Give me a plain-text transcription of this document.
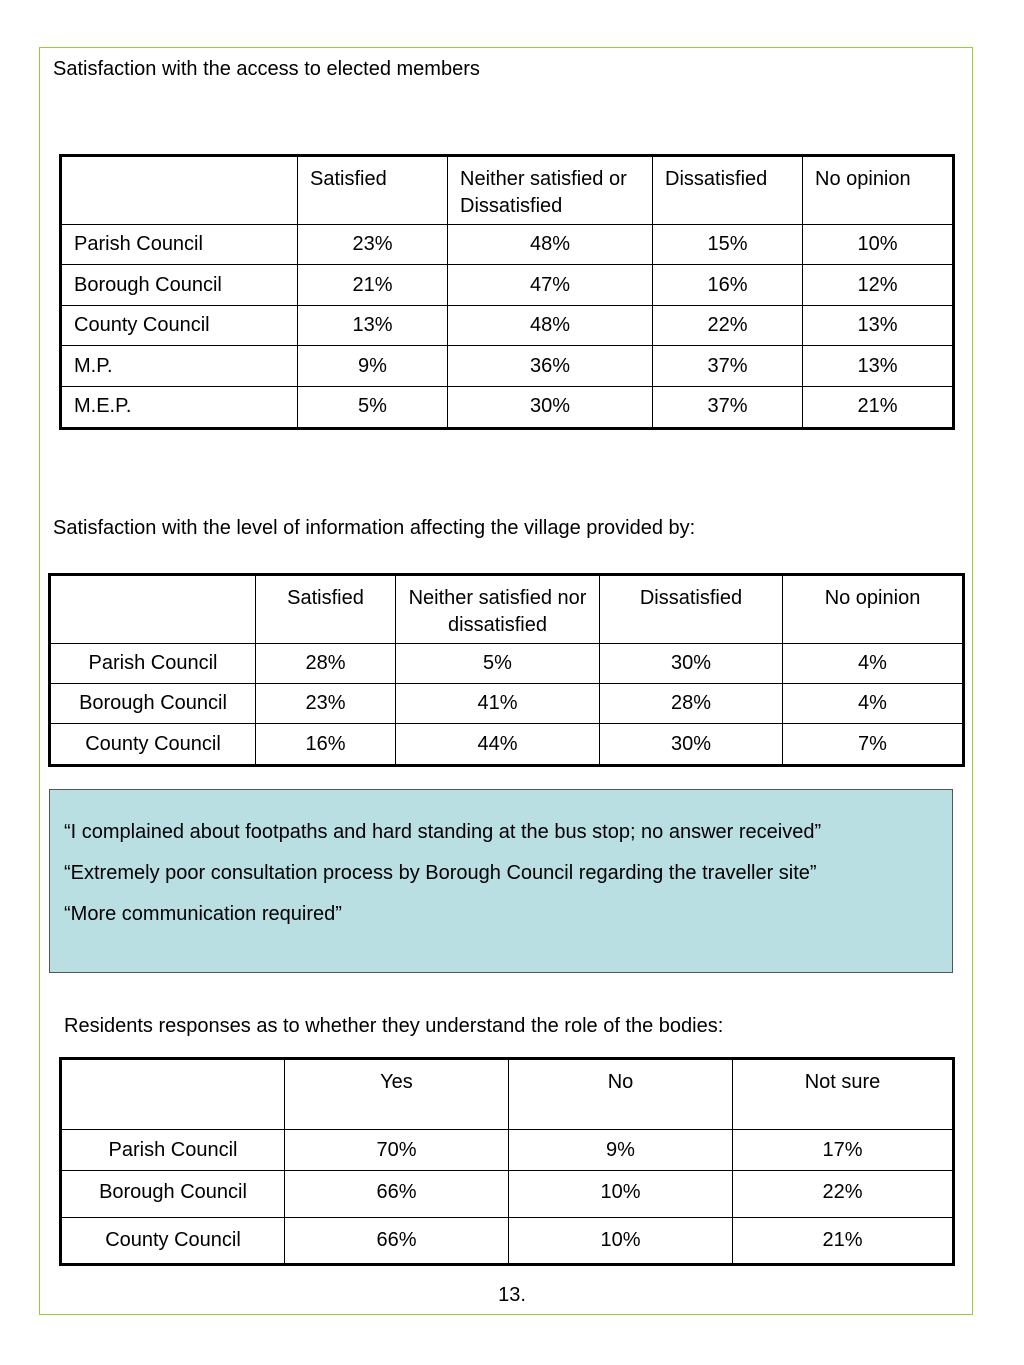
Satisfaction with the access to elected members
	Satisfied	Neither satisfied or Dissatisfied	Dissatisfied	No opinion
Parish Council	23%	48%	15%	10%
Borough Council	21%	47%	16%	12%
County Council	13%	48%	22%	13%
M.P.	9%	36%	37%	13%
M.E.P.	5%	30%	37%	21%
Satisfaction with the level of information affecting the village provided by:
	Satisfied	Neither satisfied nor dissatisfied	Dissatisfied	No opinion
Parish Council	28%	5%	30%	4%
Borough Council	23%	41%	28%	4%
County Council	16%	44%	30%	7%
“I complained about footpaths and hard standing at the bus stop; no answer received”
“Extremely poor consultation process by Borough Council regarding the traveller site”
“More communication required”
Residents responses as to whether they understand the role of the bodies:
	Yes	No	Not sure
Parish Council	70%	9%	17%
Borough Council	66%	10%	22%
County Council	66%	10%	21%
13.
